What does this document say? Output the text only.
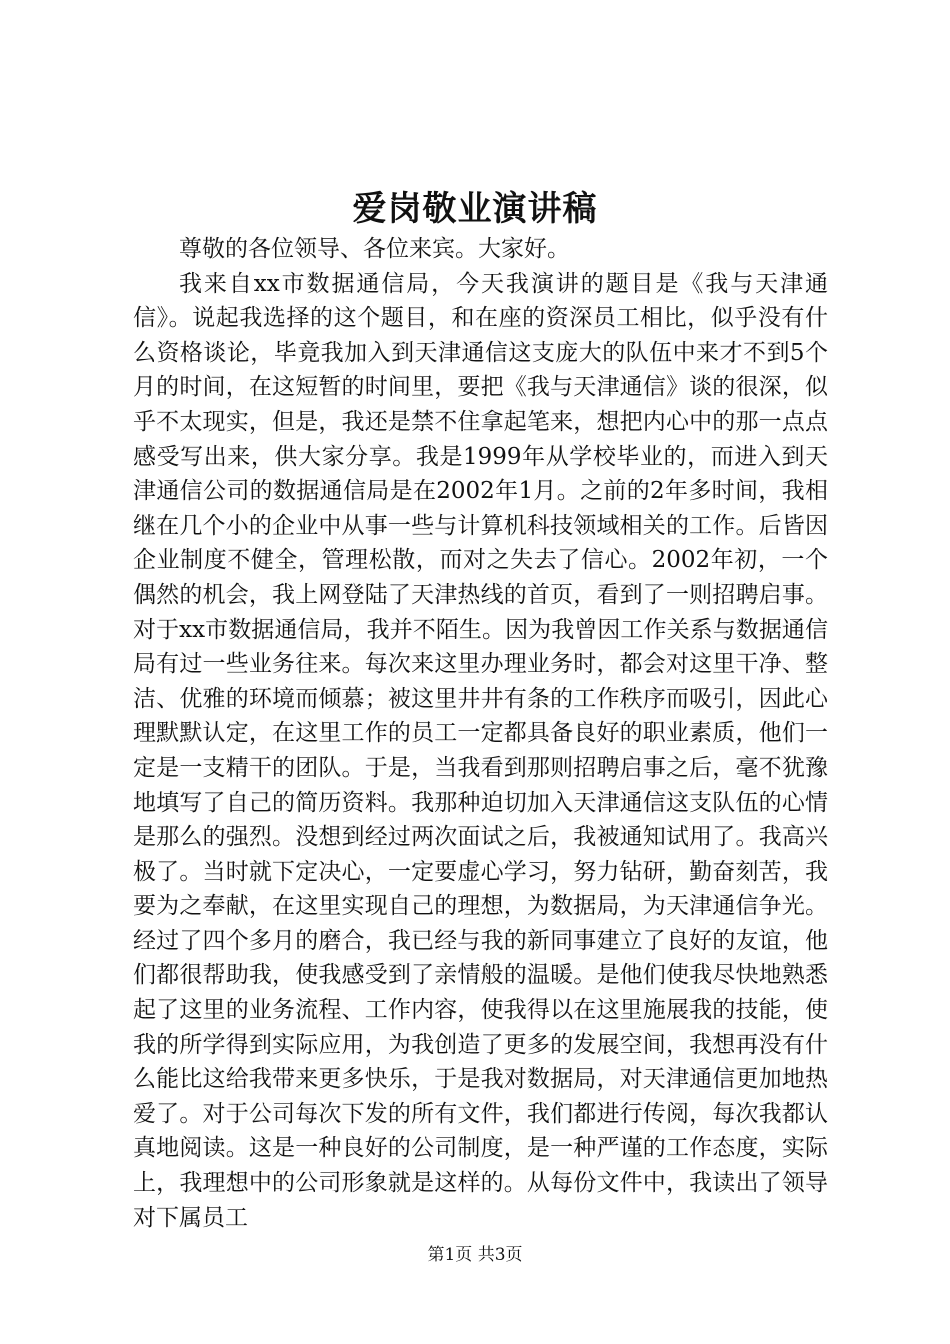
爱岗敬业演讲稿

尊敬的各位领导、各位来宾。大家好。

我来自xx市数据通信局，今天我演讲的题目是《我与天津通信》。说起我选择的这个题目，和在座的资深员工相比，似乎没有什么资格谈论，毕竟我加入到天津通信这支庞大的队伍中来才不到5个月的时间，在这短暂的时间里，要把《我与天津通信》谈的很深，似乎不太现实，但是，我还是禁不住拿起笔来，想把内心中的那一点点感受写出来，供大家分享。我是1999年从学校毕业的，而进入到天津通信公司的数据通信局是在2002年1月。之前的2年多时间，我相继在几个小的企业中从事一些与计算机科技领域相关的工作。后皆因企业制度不健全，管理松散，而对之失去了信心。2002年初，一个偶然的机会，我上网登陆了天津热线的首页，看到了一则招聘启事。对于xx市数据通信局，我并不陌生。因为我曾因工作关系与数据通信局有过一些业务往来。每次来这里办理业务时，都会对这里干净、整洁、优雅的环境而倾慕；被这里井井有条的工作秩序而吸引，因此心理默默认定，在这里工作的员工一定都具备良好的职业素质，他们一定是一支精干的团队。于是，当我看到那则招聘启事之后，毫不犹豫地填写了自己的简历资料。我那种迫切加入天津通信这支队伍的心情是那么的强烈。没想到经过两次面试之后，我被通知试用了。我高兴极了。当时就下定决心，一定要虚心学习，努力钻研，勤奋刻苦，我要为之奉献，在这里实现自己的理想，为数据局，为天津通信争光。经过了四个多月的磨合，我已经与我的新同事建立了良好的友谊，他们都很帮助我，使我感受到了亲情般的温暖。是他们使我尽快地熟悉起了这里的业务流程、工作内容，使我得以在这里施展我的技能，使我的所学得到实际应用，为我创造了更多的发展空间，我想再没有什么能比这给我带来更多快乐，于是我对数据局，对天津通信更加地热爱了。对于公司每次下发的所有文件，我们都进行传阅，每次我都认真地阅读。这是一种良好的公司制度，是一种严谨的工作态度，实际上，我理想中的公司形象就是这样的。从每份文件中，我读出了领导对下属员工

第1页 共3页
